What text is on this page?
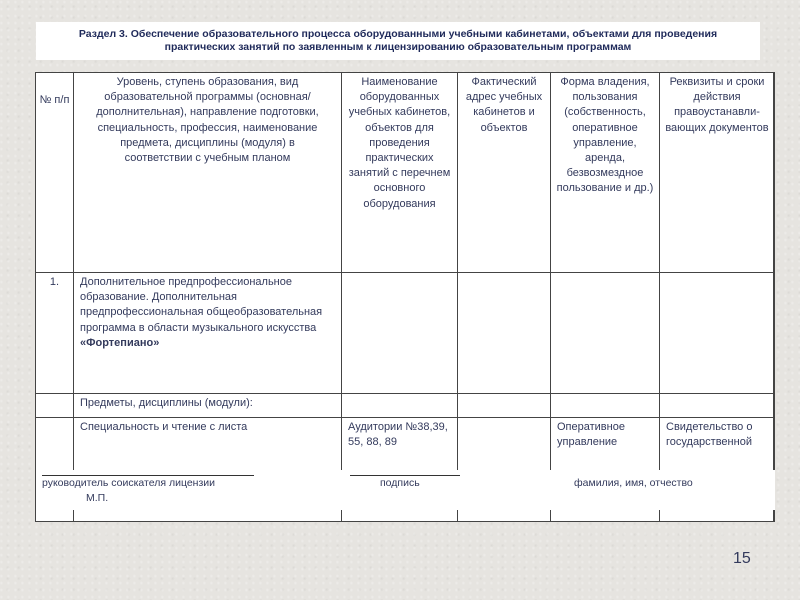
Раздел 3. Обеспечение образовательного процесса оборудованными учебными кабинетами, объектами для проведения
практических занятий по заявленным к лицензированию образовательным программам
№ п/п	Уровень, ступень образования, вид образовательной программы (основная/дополнительная), направление подготовки, специальность, профессия, наименование предмета, дисциплины (модуля) в соответствии с учебным планом	Наименование оборудованных учебных кабинетов, объектов для проведения практических занятий с перечнем основного оборудования	Фактический адрес учебных кабинетов и объектов	Форма владения, пользования (собственность, оперативное управление, аренда, безвозмездное пользование и др.)	Реквизиты и сроки действия правоустанавли-вающих документов

1.	Дополнительное предпрофессиональное образование. Дополнительная предпрофессиональная общеобразовательная программа в области музыкального искусства «Фортепиано»				
	Предметы, дисциплины (модули):				
	Специальность и чтение с листа	Аудитории №38,39, 55, 88, 89		Оперативное управление	Свидетельство о государственной
руководитель соискателя лицензии
М.П.
подпись	фамилия, имя, отчество
15
